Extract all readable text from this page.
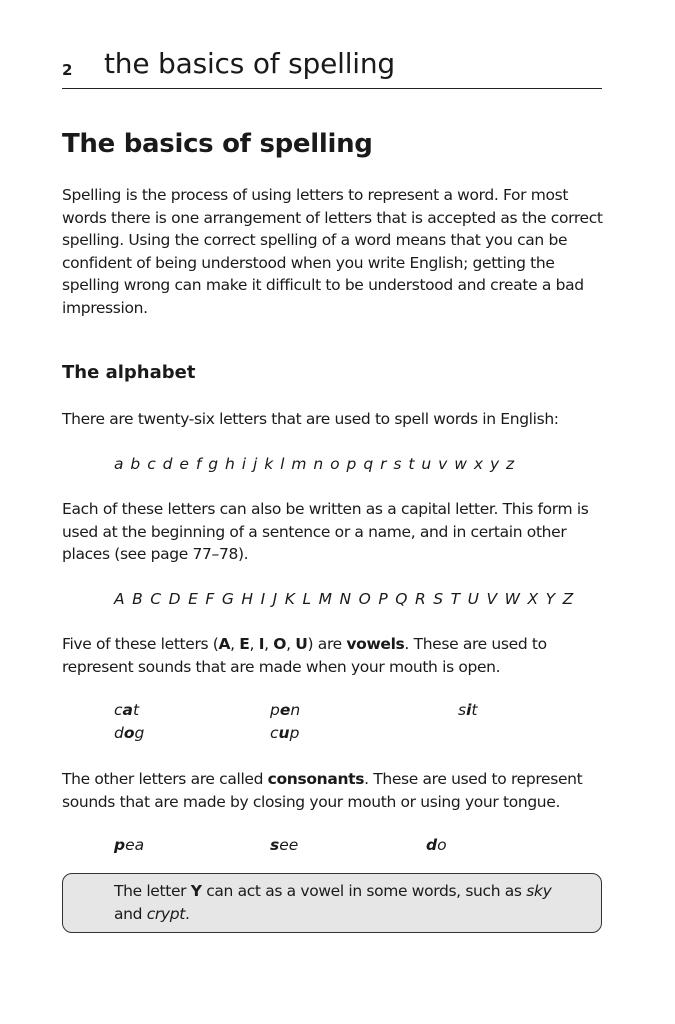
2 the basics of spelling
The basics of spelling

Spelling is the process of using letters to represent a word. For most words there is one arrangement of letters that is accepted as the correct spelling. Using the correct spelling of a word means that you can be confident of being understood when you write English; getting the spelling wrong can make it difficult to be understood and create a bad impression.

The alphabet

There are twenty-six letters that are used to spell words in English:

a b c d e f g h i j k l m n o p q r s t u v w x y z

Each of these letters can also be written as a capital letter. This form is used at the beginning of a sentence or a name, and in certain other places (see page 77–78).

A B C D E F G H I J K L M N O P Q R S T U V W X Y Z

Five of these letters (A, E, I, O, U) are vowels. These are used to represent sounds that are made when your mouth is open.

cat	pen	sit
dog	cup

The other letters are called consonants. These are used to represent sounds that are made by closing your mouth or using your tongue.

pea	see	do

The letter Y can act as a vowel in some words, such as sky and crypt.
